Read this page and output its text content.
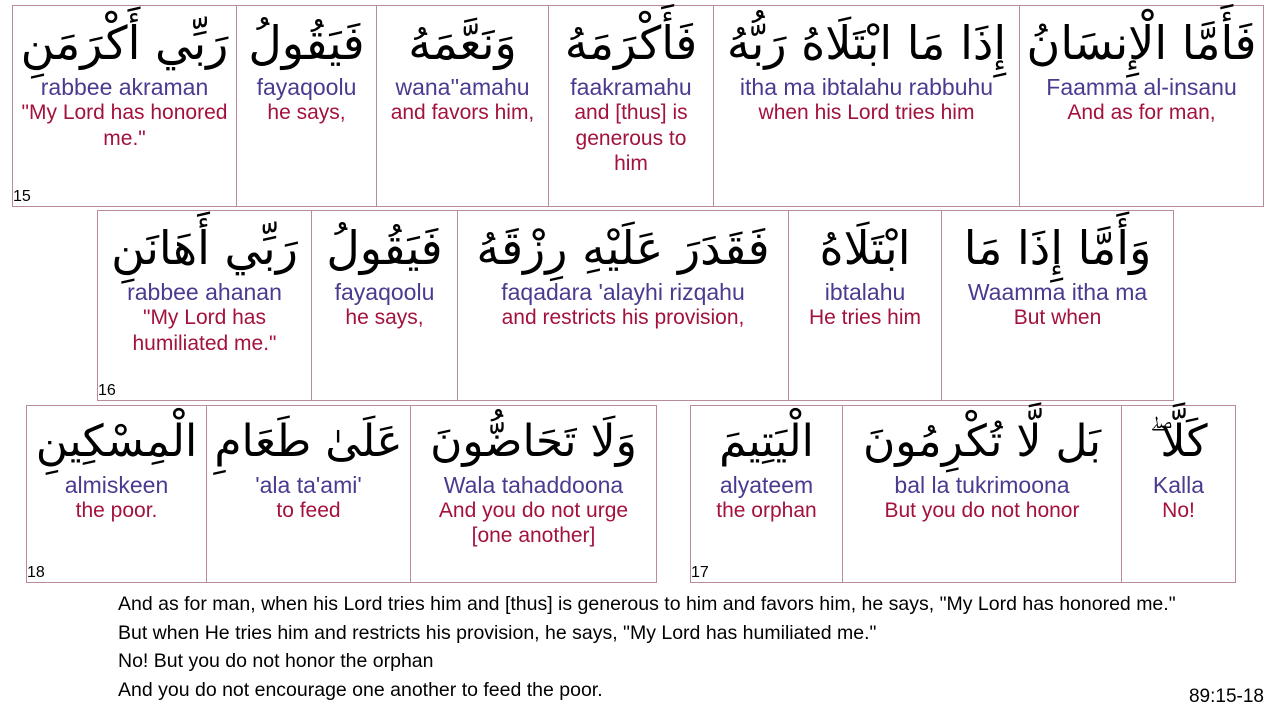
رَبِّي أَكْرَمَنِ
rabbee akraman
"My Lord has honored me."
15
فَيَقُولُ
fayaqoolu
he says,
وَنَعَّمَهُ
wana''amahu
and favors him,
فَأَكْرَمَهُ
faakramahu
and [thus] is generous to him
إِذَا مَا ابْتَلَاهُ رَبُّهُ
itha ma ibtalahu rabbuhu
when his Lord tries him
فَأَمَّا الْإِنسَانُ
Faamma al-insanu
And as for man,
رَبِّي أَهَانَنِ
rabbee ahanan
"My Lord has humiliated me."
16
فَيَقُولُ
fayaqoolu
he says,
فَقَدَرَ عَلَيْهِ رِزْقَهُ
faqadara 'alayhi rizqahu
and restricts his provision,
ابْتَلَاهُ
ibtalahu
He tries him
وَأَمَّا إِذَا مَا
Waamma itha ma
But when
الْمِسْكِينِ
almiskeen
the poor.
18
عَلَىٰ طَعَامِ
'ala ta'ami'
to feed
وَلَا تَحَاضُّونَ
Wala tahaddoona
And you do not urge [one another]
الْيَتِيمَ
alyateem
the orphan
17
بَل لَّا تُكْرِمُونَ
bal la tukrimoona
But you do not honor
كَلَّا ۖ
Kalla
No!
And as for man, when his Lord tries him and [thus] is generous to him and favors him, he says, "My Lord has honored me." But when He tries him and restricts his provision, he says, "My Lord has humiliated me."
No! But you do not honor the orphan
And you do not encourage one another to feed the poor.	89:15-18
